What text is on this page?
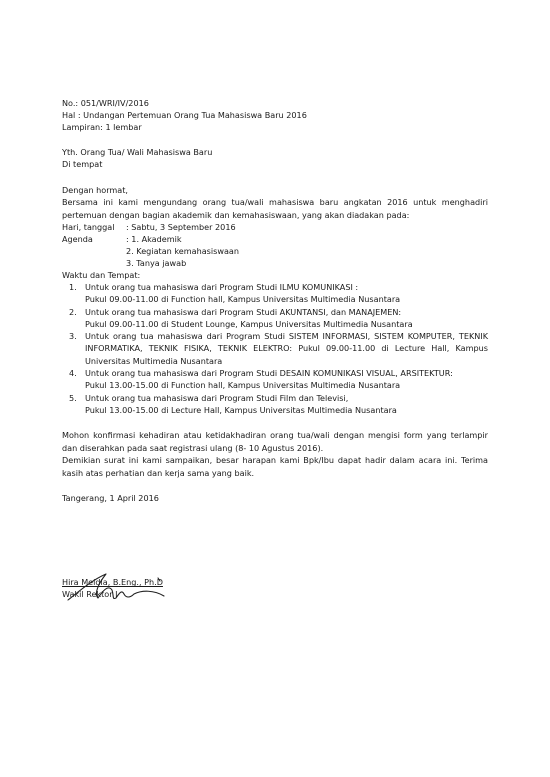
No.: 051/WRI/IV/2016
Hal : Undangan Pertemuan Orang Tua Mahasiswa Baru 2016
Lampiran: 1 lembar
Yth. Orang Tua/ Wali Mahasiswa Baru
Di tempat
Dengan hormat,
Bersama ini kami mengundang orang tua/wali mahasiswa baru angkatan 2016 untuk menghadiri pertemuan dengan bagian akademik dan kemahasiswaan, yang akan diadakan pada:
Hari, tanggal	: Sabtu, 3 September 2016
Agenda	: 1. Akademik
2. Kegiatan kemahasiswaan
3. Tanya jawab
Waktu dan Tempat:
1. Untuk orang tua mahasiswa dari Program Studi ILMU KOMUNIKASI :
Pukul 09.00-11.00 di Function hall, Kampus Universitas Multimedia Nusantara
2. Untuk orang tua mahasiswa dari Program Studi AKUNTANSI, dan MANAJEMEN:
Pukul 09.00-11.00 di Student Lounge, Kampus Universitas Multimedia Nusantara
3. Untuk orang tua mahasiswa dari Program Studi SISTEM INFORMASI, SISTEM KOMPUTER, TEKNIK INFORMATIKA, TEKNIK FISIKA, TEKNIK ELEKTRO: Pukul 09.00-11.00 di Lecture Hall, Kampus Universitas Multimedia Nusantara
4. Untuk orang tua mahasiswa dari Program Studi DESAIN KOMUNIKASI VISUAL, ARSITEKTUR:
Pukul 13.00-15.00 di Function hall, Kampus Universitas Multimedia Nusantara
5. Untuk orang tua mahasiswa dari Program Studi Film dan Televisi,
Pukul 13.00-15.00 di Lecture Hall, Kampus Universitas Multimedia Nusantara
Mohon konfirmasi kehadiran atau ketidakhadiran orang tua/wali dengan mengisi form yang terlampir dan diserahkan pada saat registrasi ulang (8- 10 Agustus 2016).
Demikian surat ini kami sampaikan, besar harapan kami Bpk/Ibu dapat hadir dalam acara ini. Terima kasih atas perhatian dan kerja sama yang baik.
Tangerang, 1 April 2016
Hira Meidia, B.Eng., Ph.D
Wakil Rektor I
